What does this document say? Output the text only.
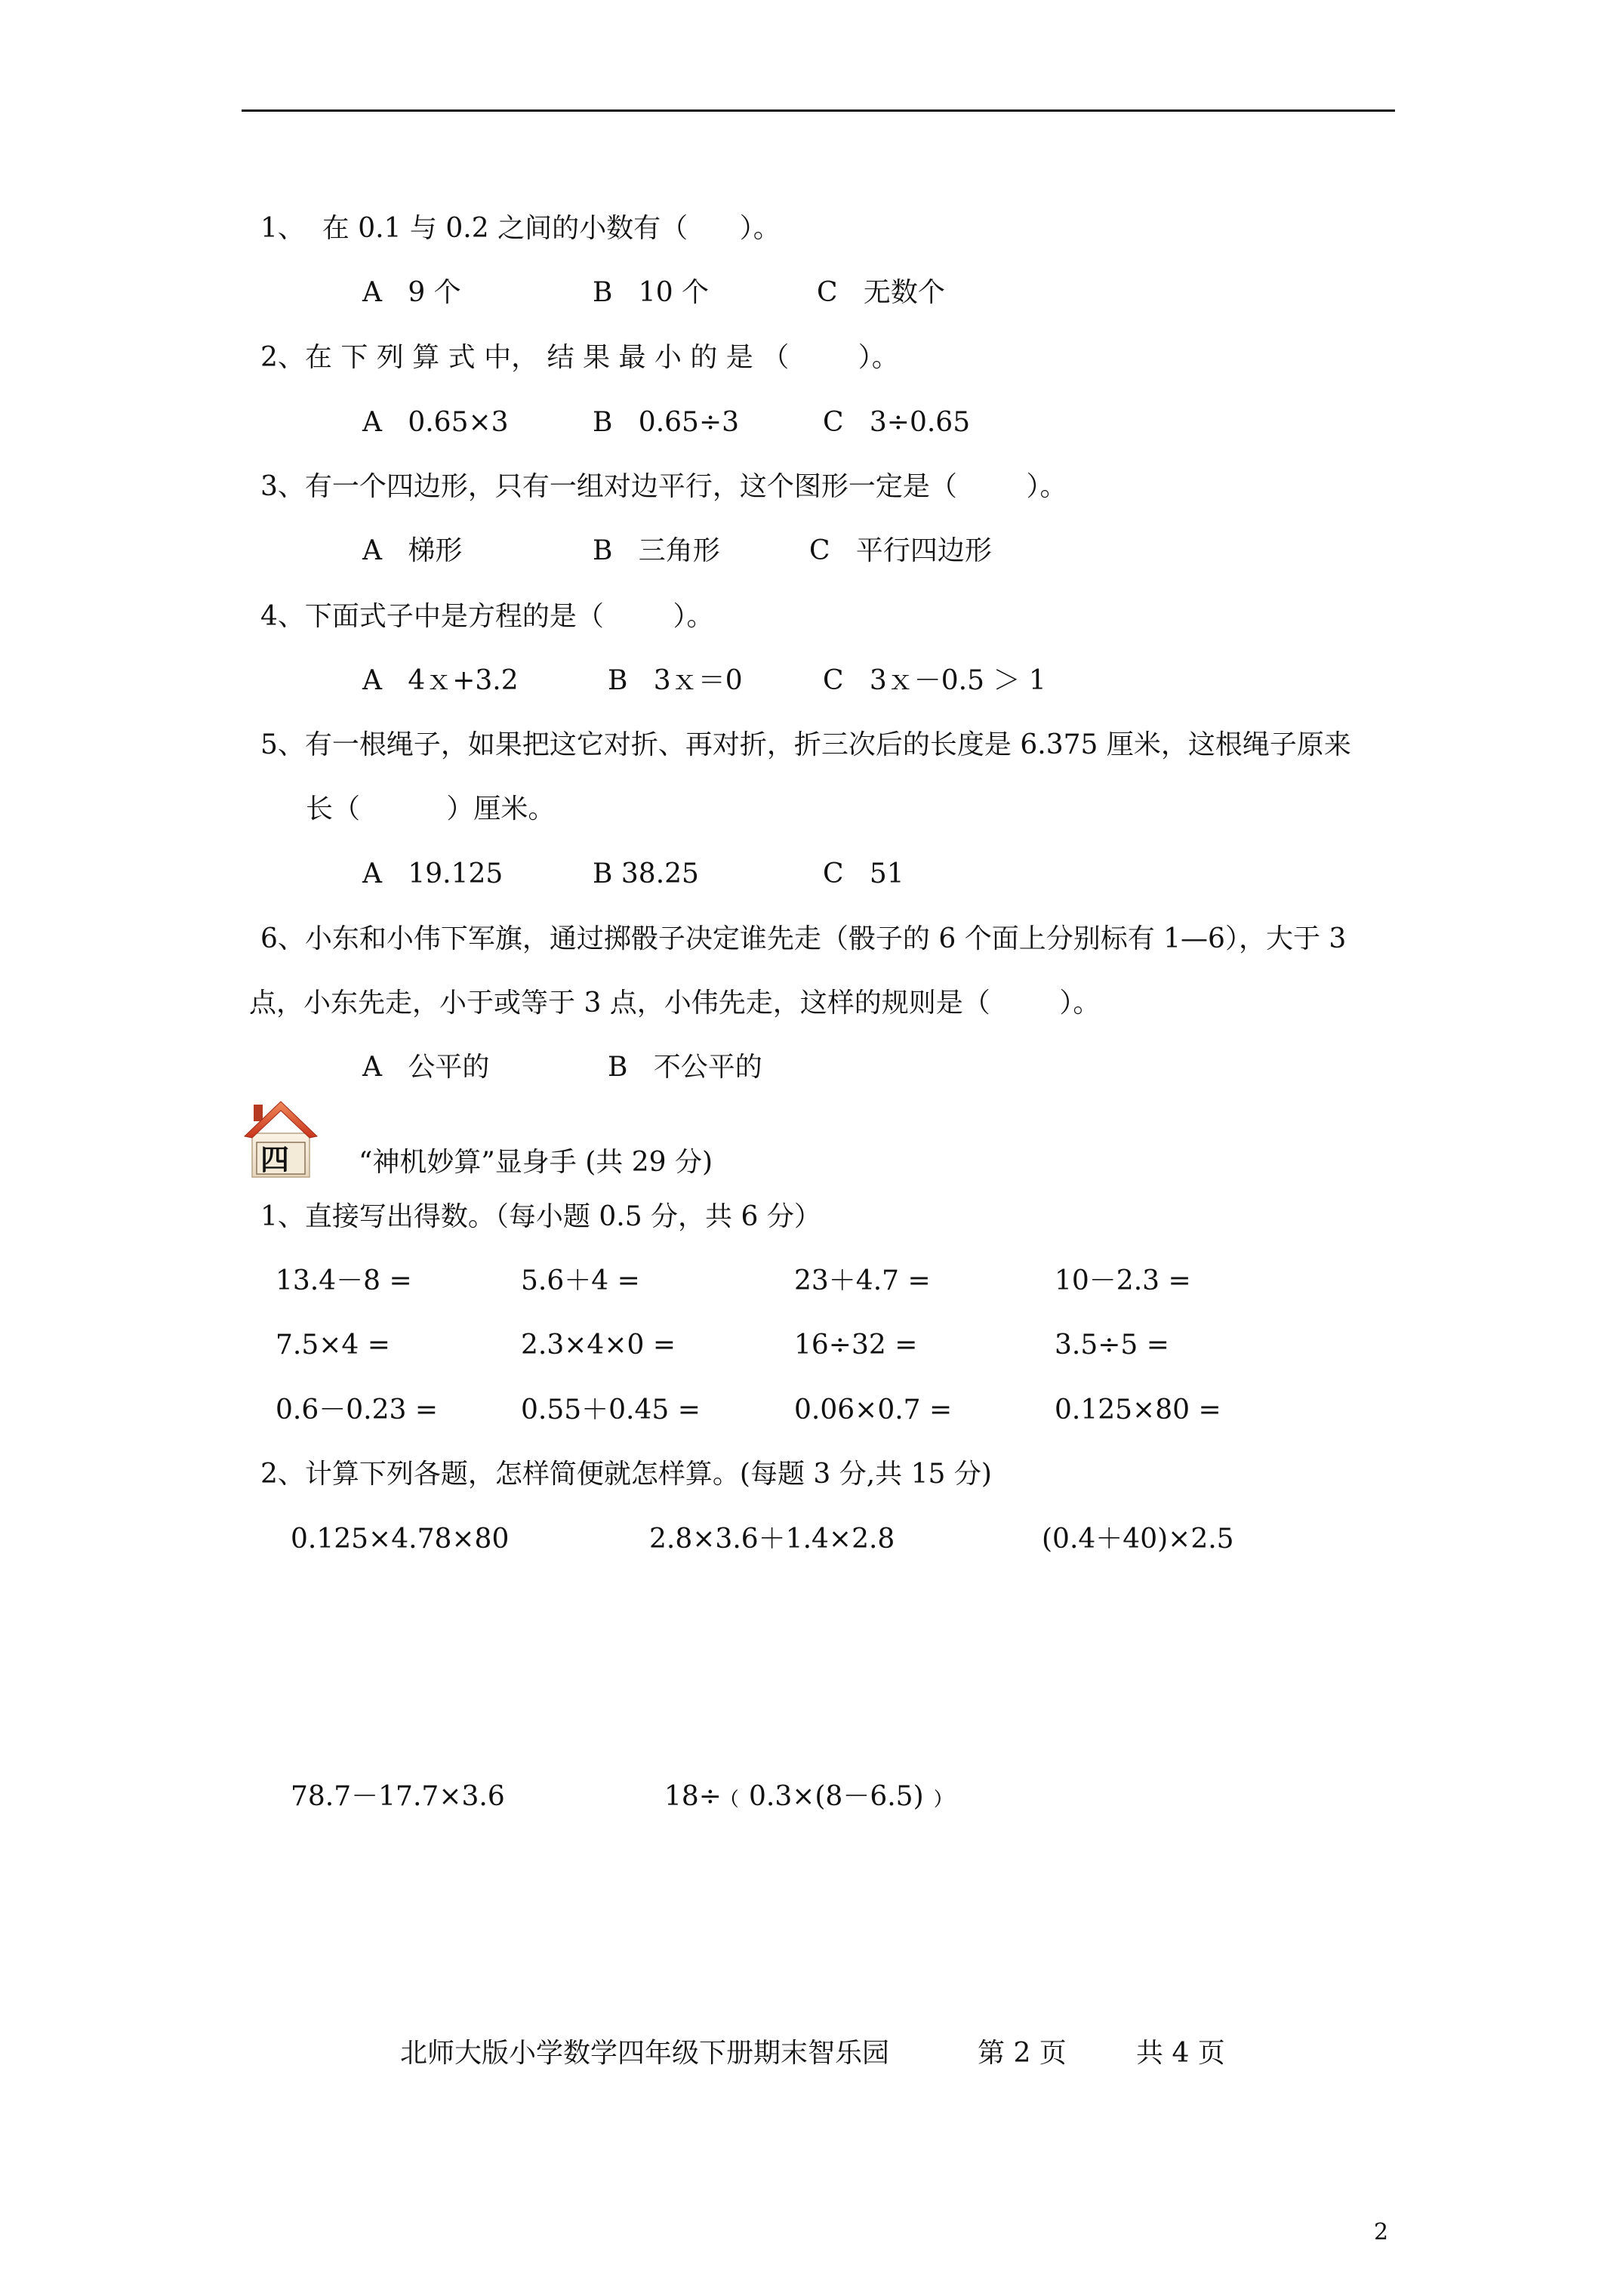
1、  在 0.1 与 0.2 之间的小数有（      ）。
A   9 个	B   10 个	C   无数个
2、在 下 列 算 式 中， 结 果 最 小 的 是 （        ）。
A   0.65×3	B   0.65÷3	C   3÷0.65
3、有一个四边形，只有一组对边平行，这个图形一定是（        ）。
A   梯形	B   三角形	C   平行四边形
4、下面式子中是方程的是（        ）。
A   4ｘ+3.2	B   3ｘ＝0	C   3ｘ－0.5 ＞ 1
5、有一根绳子，如果把这它对折、再对折，折三次后的长度是 6.375 厘米，这根绳子原来
长（          ）厘米。
A   19.125	B 38.25	C   51
6、小东和小伟下军旗，通过掷骰子决定谁先走（骰子的 6 个面上分别标有 1—6），大于 3
点，小东先走，小于或等于 3 点，小伟先走，这样的规则是（        ）。
A   公平的	B   不公平的
四	“神机妙算”显身手 (共 29 分)
1、直接写出得数。（每小题 0.5 分，共 6 分）
13.4－8 =	5.6＋4 =	23＋4.7 =	10－2.3 =
7.5×4 =	2.3×4×0 =	16÷32 =	3.5÷5 =
0.6－0.23 =	0.55＋0.45 =	0.06×0.7 =	0.125×80 =
2、计算下列各题，怎样简便就怎样算。(每题 3 分,共 15 分)
0.125×4.78×80	2.8×3.6＋1.4×2.8	(0.4＋40)×2.5
78.7－17.7×3.6	18÷﹙0.3×(8－6.5)﹚
北师大版小学数学四年级下册期末智乐园	第 2 页	共 4 页
2
